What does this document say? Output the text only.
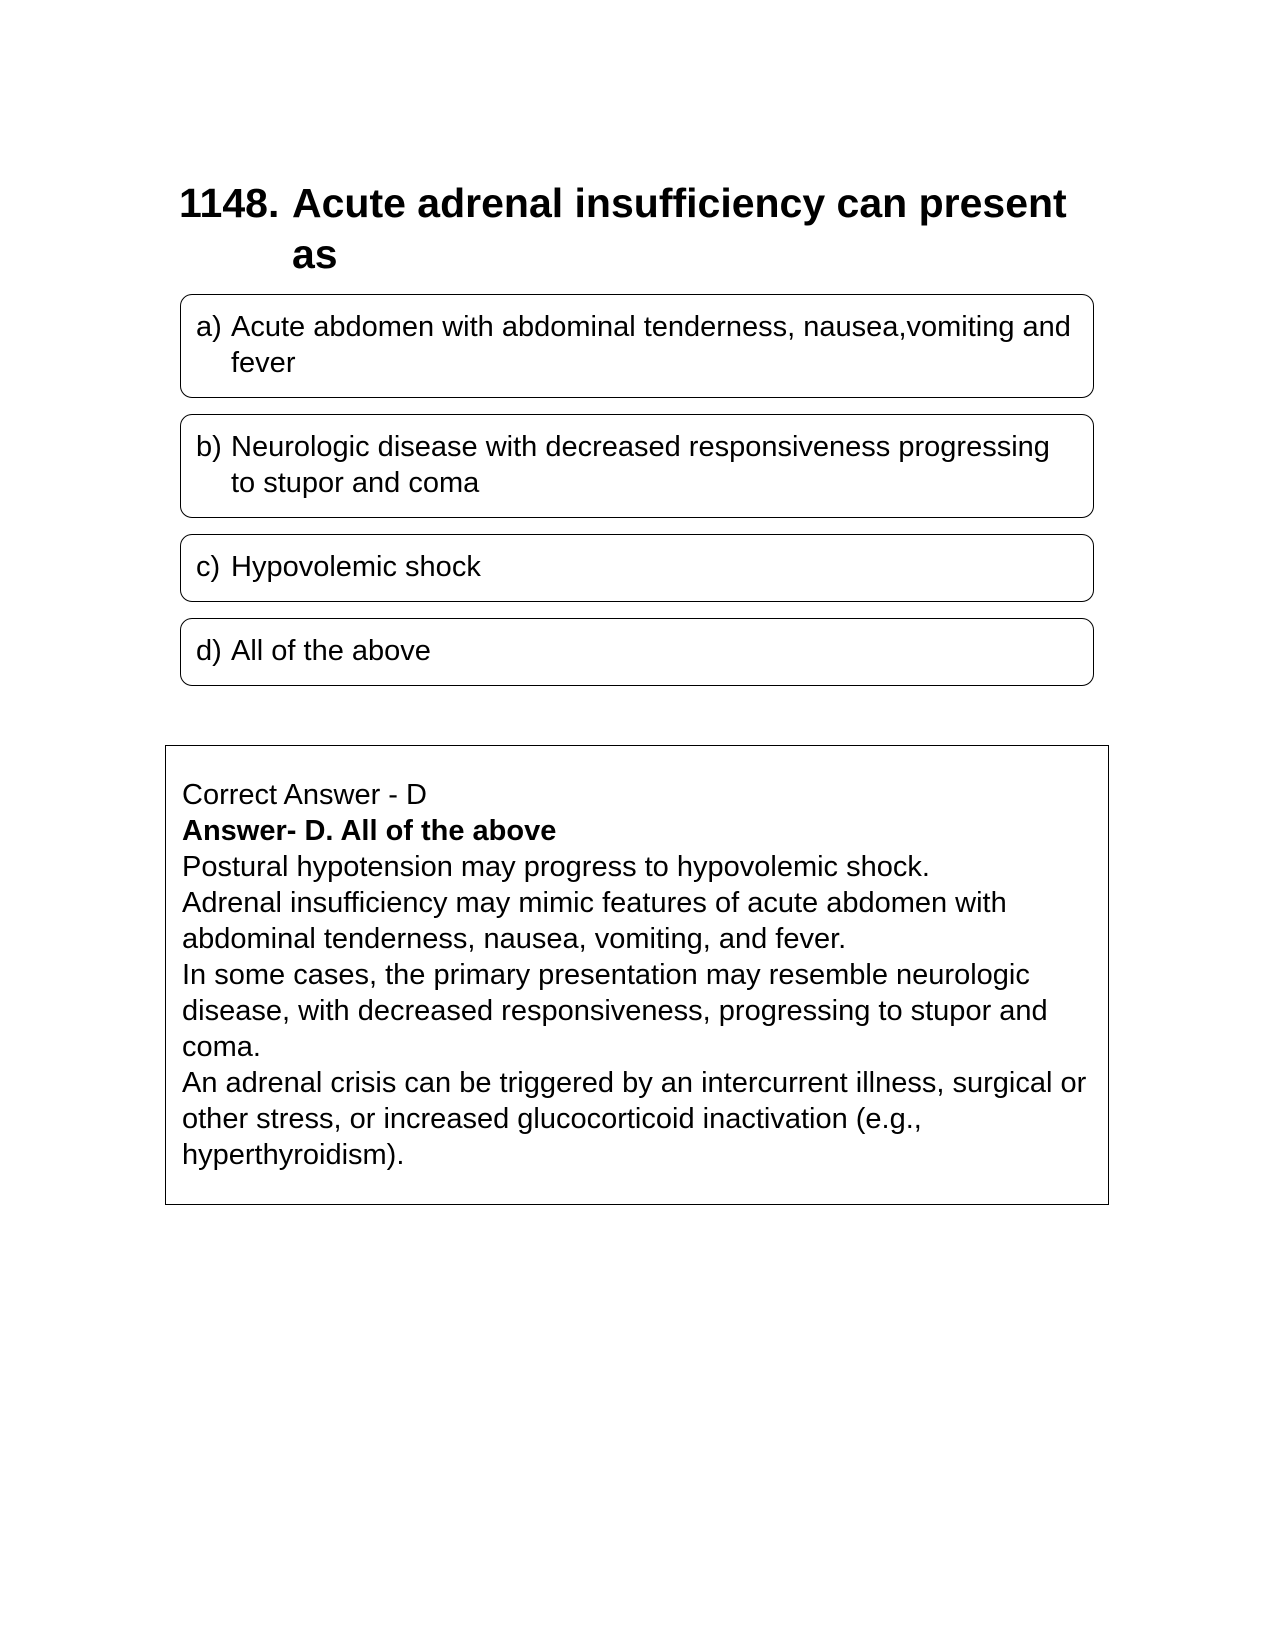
1148. Acute adrenal insufficiency can present as
a) Acute abdomen with abdominal tenderness, nausea,vomiting and fever
b) Neurologic disease with decreased responsiveness progressing to stupor and coma
c) Hypovolemic shock
d) All of the above

Correct Answer - D

Answer- D. All of the above

Postural hypotension may progress to hypovolemic shock.

Adrenal insufficiency may mimic features of acute abdomen with abdominal tenderness, nausea, vomiting, and fever.

In some cases, the primary presentation may resemble neurologic disease, with decreased responsiveness, progressing to stupor and coma.

An adrenal crisis can be triggered by an intercurrent illness, surgical or other stress, or increased glucocorticoid inactivation (e.g., hyperthyroidism).
